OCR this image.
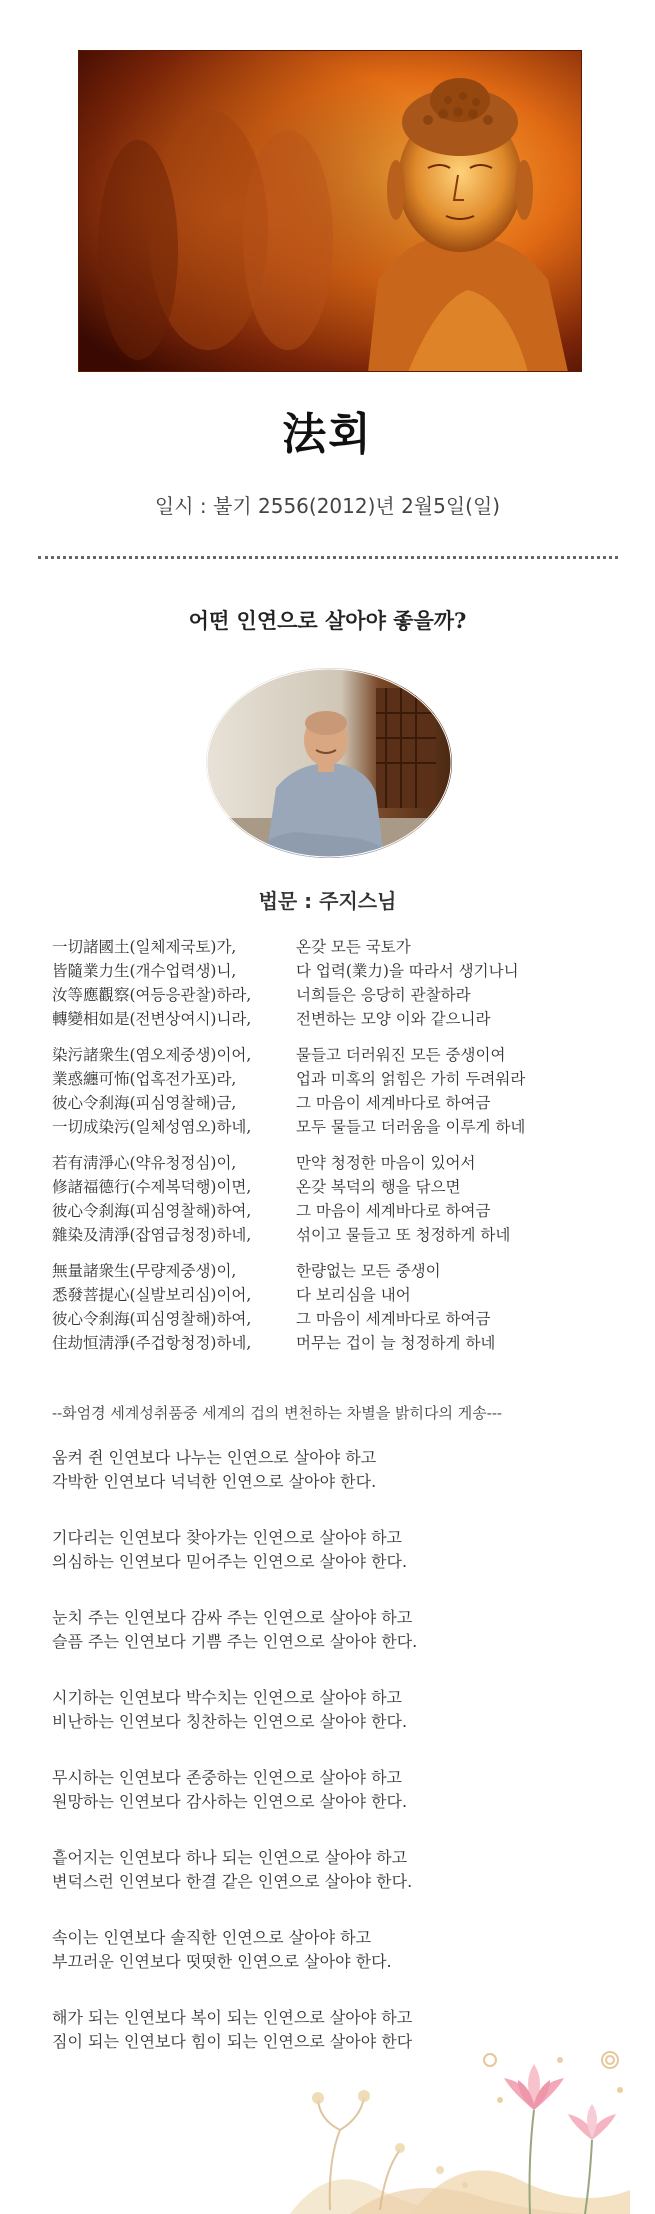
法회
일시 : 불기 2556(2012)년 2월5일(일)
어떤 인연으로 살아야 좋을까?
법문 : 주지스님
一切諸國土(일체제국토)가,	온갖 모든 국토가
皆隨業力生(개수업력생)니,	다 업력(業力)을 따라서 생기나니
汝等應觀察(여등응관찰)하라,	너희들은 응당히 관찰하라
轉變相如是(전변상여시)니라,	전변하는 모양 이와 같으니라
染污諸衆生(염오제중생)이어,	물들고 더러워진 모든 중생이여
業惑纏可怖(업혹전가포)라,	업과 미혹의 얽힘은 가히 두려워라
彼心令刹海(피심영찰해)금,	그 마음이 세계바다로 하여금
一切成染污(일체성염오)하네,	모두 물들고 더러움을 이루게 하네
若有淸淨心(약유청정심)이,	만약 청정한 마음이 있어서
修諸福德行(수제복덕행)이면,	온갖 복덕의 행을 닦으면
彼心令刹海(피심영찰해)하여,	그 마음이 세계바다로 하여금
雜染及淸淨(잡염급청정)하네,	섞이고 물들고 또 청정하게 하네
無量諸衆生(무량제중생)이,	한량없는 모든 중생이
悉發菩提心(실발보리심)이어,	다 보리심을 내어
彼心令刹海(피심영찰해)하여,	그 마음이 세계바다로 하여금
住劫恒淸淨(주겁항청정)하네,	머무는 겁이 늘 청정하게 하네
--화엄경 세계성취품중 세계의 겁의 변천하는 차별을 밝히다의 게송---
움켜 쥔 인연보다 나누는 인연으로 살아야 하고
각박한 인연보다 넉넉한 인연으로 살아야 한다.
기다리는 인연보다 찾아가는 인연으로 살아야 하고
의심하는 인연보다 믿어주는 인연으로 살아야 한다.
눈치 주는 인연보다 감싸 주는 인연으로 살아야 하고
슬픔 주는 인연보다 기쁨 주는 인연으로 살아야 한다.
시기하는 인연보다 박수치는 인연으로 살아야 하고
비난하는 인연보다 칭찬하는 인연으로 살아야 한다.
무시하는 인연보다 존중하는 인연으로 살아야 하고
원망하는 인연보다 감사하는 인연으로 살아야 한다.
흩어지는 인연보다 하나 되는 인연으로 살아야 하고
변덕스런 인연보다 한결 같은 인연으로 살아야 한다.
속이는 인연보다 솔직한 인연으로 살아야 하고
부끄러운 인연보다 떳떳한 인연으로 살아야 한다.
해가 되는 인연보다 복이 되는 인연으로 살아야 하고
짐이 되는 인연보다 힘이 되는 인연으로 살아야 한다
